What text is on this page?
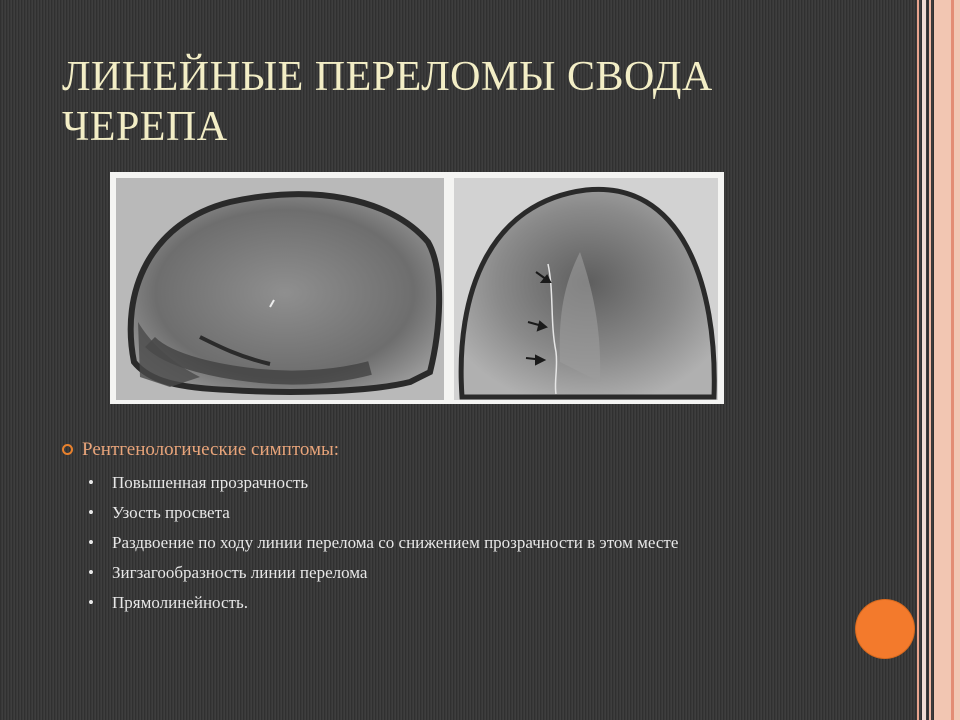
ЛИНЕЙНЫЕ ПЕРЕЛОМЫ СВОДА ЧЕРЕПА
Рентгенологические симптомы:
• Повышенная прозрачность
• Узость просвета
• Раздвоение по ходу линии перелома со снижением прозрачности в этом месте
• Зигзагообразность линии перелома
• Прямолинейность.
